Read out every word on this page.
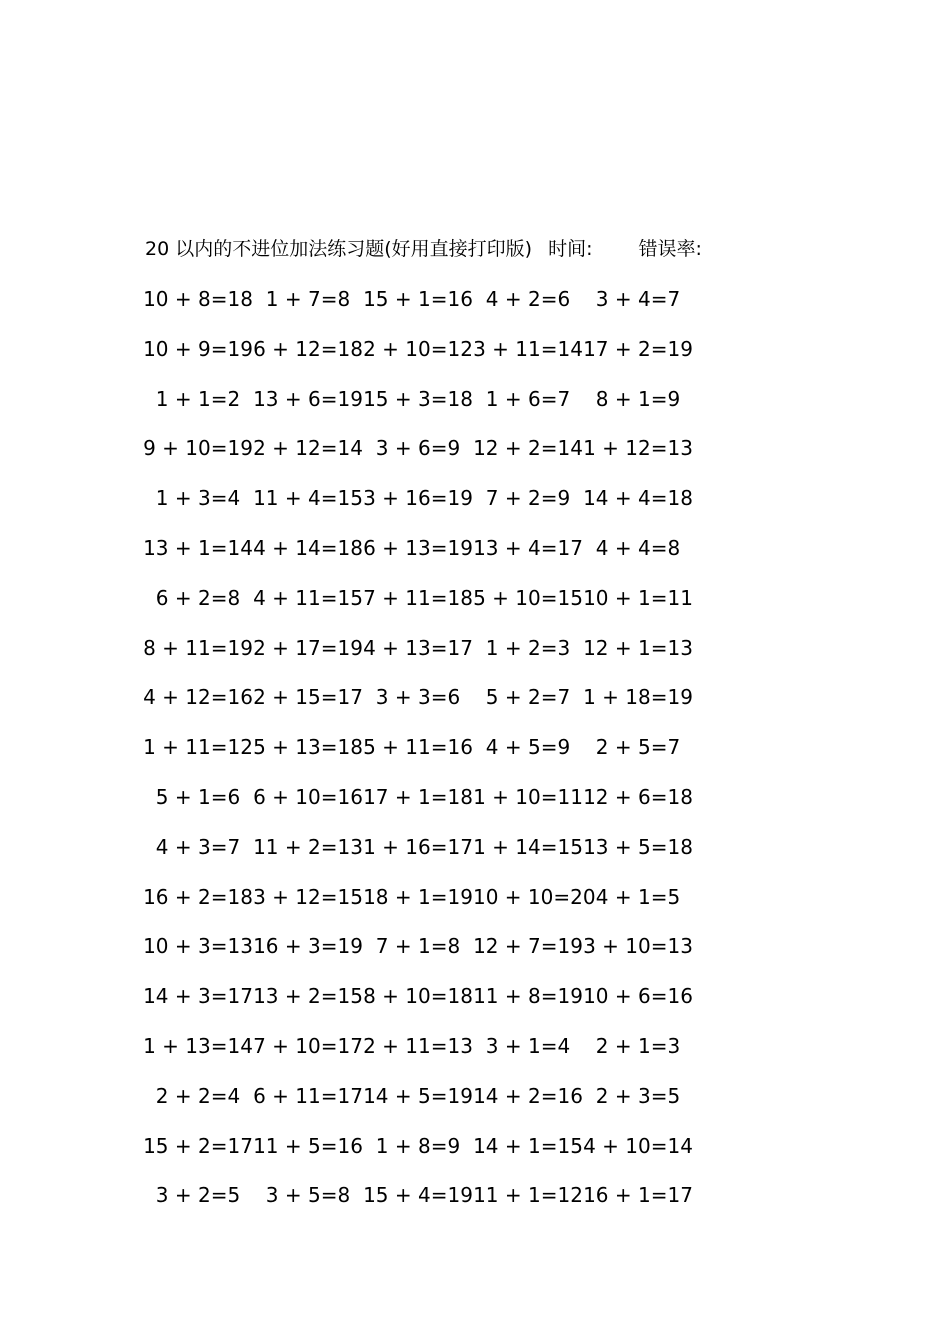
20 以内的不进位加法练习题(好用直接打印版) 时间: 错误率:
10 + 8=18 1 + 7=8 15 + 1=16 4 + 2=6	3 + 4=7
10 + 9=19 6 + 12=18 2 + 10=12 3 + 11=14 17 + 2=19
1 + 1=2 13 + 6=19 15 + 3=18 1 + 6=7	8 + 1=9
9 + 10=19 2 + 12=14 3 + 6=9 12 + 2=14 1 + 12=13
1 + 3=4 11 + 4=15 3 + 16=19 7 + 2=9 14 + 4=18
13 + 1=14 4 + 14=18 6 + 13=19 13 + 4=17 4 + 4=8
6 + 2=8 4 + 11=15 7 + 11=18 5 + 10=15 10 + 1=11
8 + 11=19 2 + 17=19 4 + 13=17 1 + 2=3 12 + 1=13
4 + 12=16 2 + 15=17 3 + 3=6	5 + 2=7 1 + 18=19
1 + 11=12 5 + 13=18 5 + 11=16 4 + 5=9	2 + 5=7
5 + 1=6 6 + 10=16 17 + 1=18 1 + 10=11 12 + 6=18
4 + 3=7 11 + 2=13 1 + 16=17 1 + 14=15 13 + 5=18
16 + 2=18 3 + 12=15 18 + 1=19 10 + 10=20 4 + 1=5
10 + 3=13 16 + 3=19 7 + 1=8 12 + 7=19 3 + 10=13
14 + 3=17 13 + 2=15 8 + 10=18 11 + 8=19 10 + 6=16
1 + 13=14 7 + 10=17 2 + 11=13 3 + 1=4	2 + 1=3
2 + 2=4 6 + 11=17 14 + 5=19 14 + 2=16 2 + 3=5
15 + 2=17 11 + 5=16 1 + 8=9 14 + 1=15 4 + 10=14
3 + 2=5	3 + 5=8 15 + 4=19 11 + 1=12 16 + 1=17
